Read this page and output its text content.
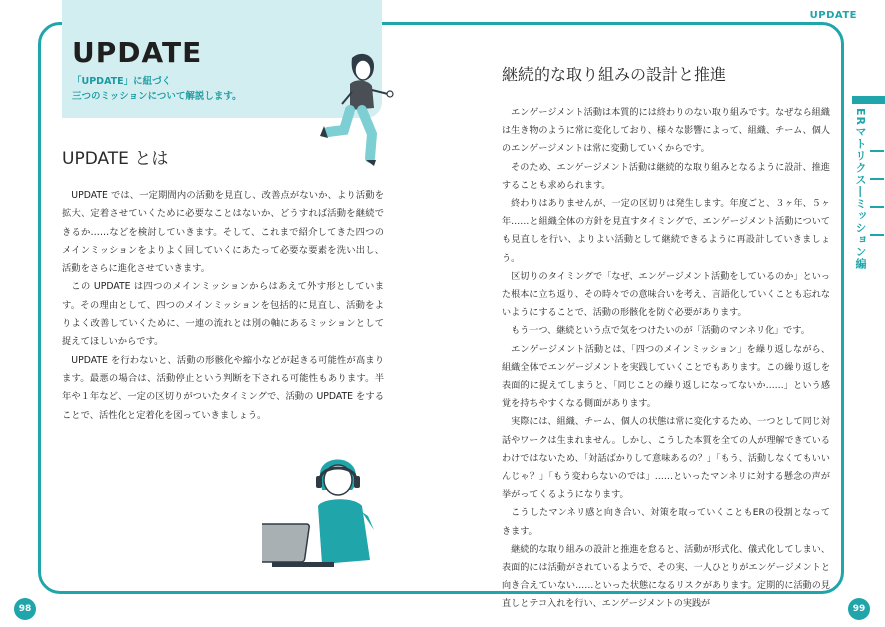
UPDATE
「UPDATE」に紐づく
三つのミッションについて解説します。
UPDATE
UPDATE とは

UPDATE では、一定期間内の活動を見直し、改善点がないか、より活動を拡大、定着させていくために必要なことはないか、どうすれば活動を継続できるか……などを検討していきます。そして、これまで紹介してきた四つのメインミッションをよりよく回していくにあたって必要な要素を洗い出し、活動をさらに進化させていきます。

この UPDATE は四つのメインミッションからはあえて外す形としています。その理由として、四つのメインミッションを包括的に見直し、活動をよりよく改善していくために、一連の流れとは別の軸にあるミッションとして捉えてほしいからです。

UPDATE を行わないと、活動の形骸化や縮小などが起きる可能性が高まります。最悪の場合は、活動停止という判断を下される可能性もあります。半年や１年など、一定の区切りがついたタイミングで、活動の UPDATE をすることで、活性化と定着化を図っていきましょう。

98
継続的な取り組みの設計と推進

エンゲージメント活動は本質的には終わりのない取り組みです。なぜなら組織は生き物のように常に変化しており、様々な影響によって、組織、チーム、個人のエンゲージメントは常に変動していくからです。

そのため、エンゲージメント活動は継続的な取り組みとなるように設計、推進することも求められます。

終わりはありませんが、一定の区切りは発生します。年度ごと、３ヶ年、５ヶ年……と組織全体の方針を見直すタイミングで、エンゲージメント活動についても見直しを行い、よりよい活動として継続できるように再設計していきましょう。

区切りのタイミングで「なぜ、エンゲージメント活動をしているのか」といった根本に立ち返り、その時々での意味合いを考え、言語化していくことも忘れないようにすることで、活動の形骸化を防ぐ必要があります。

もう一つ、継続という点で気をつけたいのが「活動のマンネリ化」です。

エンゲージメント活動とは、「四つのメインミッション」を繰り返しながら、組織全体でエンゲージメントを実践していくことでもあります。この繰り返しを表面的に捉えてしまうと、「同じことの繰り返しになってないか……」という感覚を持ちやすくなる側面があります。

実際には、組織、チーム、個人の状態は常に変化するため、一つとして同じ対話やワークは生まれません。しかし、こうした本質を全ての人が理解できているわけではないため、「対話ばかりして意味あるの？」「もう、活動しなくてもいいんじゃ？」「もう変わらないのでは」……といったマンネリに対する懸念の声が挙がってくるようになります。

こうしたマンネリ感と向き合い、対策を取っていくこともERの役割となってきます。

継続的な取り組みの設計と推進を怠ると、活動が形式化、儀式化してしまい、表面的には活動がされているようで、その実、一人ひとりがエンゲージメントと向き合えていない……といった状態になるリスクがあります。定期的に活動の見直しとテコ入れを行い、エンゲージメントの実践が

ERマトリクス―ミッション編
99
